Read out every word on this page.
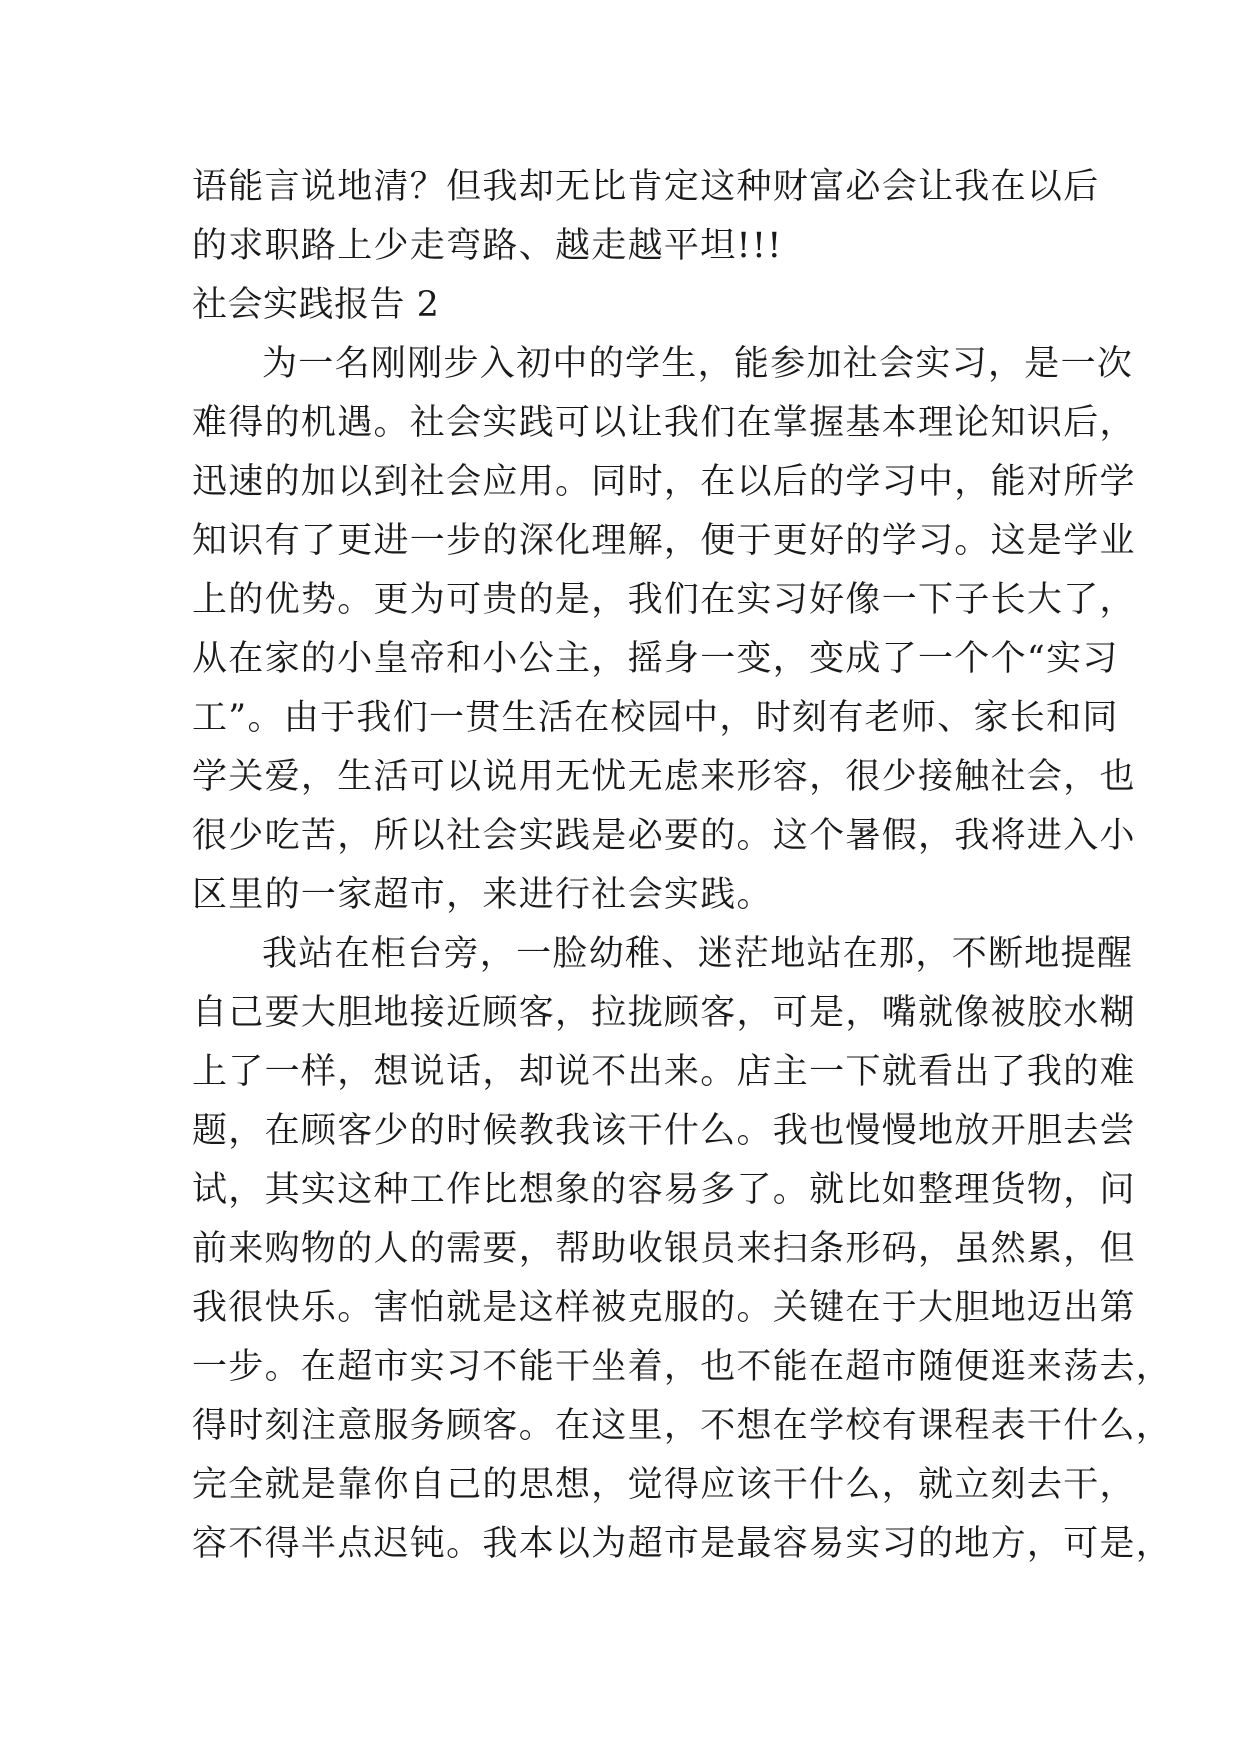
语能言说地清？但我却无比肯定这种财富必会让我在以后
的求职路上少走弯路、越走越平坦!!!
社会实践报告 2
为一名刚刚步入初中的学生，能参加社会实习，是一次
难得的机遇。社会实践可以让我们在掌握基本理论知识后，
迅速的加以到社会应用。同时，在以后的学习中，能对所学
知识有了更进一步的深化理解，便于更好的学习。这是学业
上的优势。更为可贵的是，我们在实习好像一下子长大了，
从在家的小皇帝和小公主，摇身一变，变成了一个个“实习
工”。由于我们一贯生活在校园中，时刻有老师、家长和同
学关爱，生活可以说用无忧无虑来形容，很少接触社会，也
很少吃苦，所以社会实践是必要的。这个暑假，我将进入小
区里的一家超市，来进行社会实践。
我站在柜台旁，一脸幼稚、迷茫地站在那，不断地提醒
自己要大胆地接近顾客，拉拢顾客，可是，嘴就像被胶水糊
上了一样，想说话，却说不出来。店主一下就看出了我的难
题，在顾客少的时候教我该干什么。我也慢慢地放开胆去尝
试，其实这种工作比想象的容易多了。就比如整理货物，问
前来购物的人的需要，帮助收银员来扫条形码，虽然累，但
我很快乐。害怕就是这样被克服的。关键在于大胆地迈出第
一步。在超市实习不能干坐着，也不能在超市随便逛来荡去，
得时刻注意服务顾客。在这里，不想在学校有课程表干什么，
完全就是靠你自己的思想，觉得应该干什么，就立刻去干，
容不得半点迟钝。我本以为超市是最容易实习的地方，可是，
